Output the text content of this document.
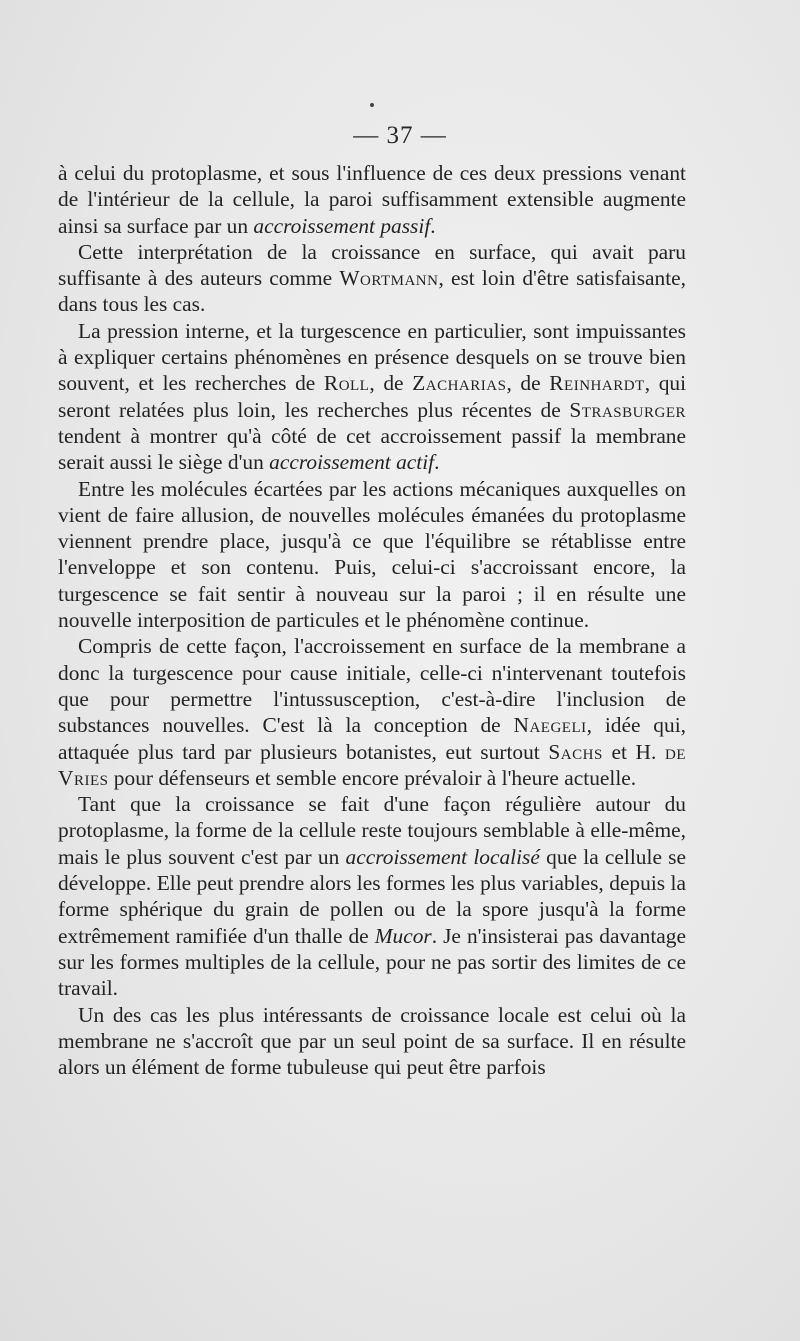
— 37 —

à celui du protoplasme, et sous l'influence de ces deux pressions venant de l'intérieur de la cellule, la paroi suffisamment extensible augmente ainsi sa surface par un accroissement passif.

Cette interprétation de la croissance en surface, qui avait paru suffisante à des auteurs comme Wortmann, est loin d'être satisfaisante, dans tous les cas.

La pression interne, et la turgescence en particulier, sont impuissantes à expliquer certains phénomènes en présence desquels on se trouve bien souvent, et les recherches de Roll, de Zacharias, de Reinhardt, qui seront relatées plus loin, les recherches plus récentes de Strasburger tendent à montrer qu'à côté de cet accroissement passif la membrane serait aussi le siège d'un accroissement actif.

Entre les molécules écartées par les actions mécaniques auxquelles on vient de faire allusion, de nouvelles molécules émanées du protoplasme viennent prendre place, jusqu'à ce que l'équilibre se rétablisse entre l'enveloppe et son contenu. Puis, celui-ci s'accroissant encore, la turgescence se fait sentir à nouveau sur la paroi ; il en résulte une nouvelle interposition de particules et le phénomène continue.

Compris de cette façon, l'accroissement en surface de la membrane a donc la turgescence pour cause initiale, celle-ci n'intervenant toutefois que pour permettre l'intussusception, c'est-à-dire l'inclusion de substances nouvelles. C'est là la conception de Naegeli, idée qui, attaquée plus tard par plusieurs botanistes, eut surtout Sachs et H. de Vries pour défenseurs et semble encore prévaloir à l'heure actuelle.

Tant que la croissance se fait d'une façon régulière autour du protoplasme, la forme de la cellule reste toujours semblable à elle-même, mais le plus souvent c'est par un accroissement localisé que la cellule se développe. Elle peut prendre alors les formes les plus variables, depuis la forme sphérique du grain de pollen ou de la spore jusqu'à la forme extrêmement ramifiée d'un thalle de Mucor. Je n'insisterai pas davantage sur les formes multiples de la cellule, pour ne pas sortir des limites de ce travail.

Un des cas les plus intéressants de croissance locale est celui où la membrane ne s'accroît que par un seul point de sa surface. Il en résulte alors un élément de forme tubuleuse qui peut être parfois
